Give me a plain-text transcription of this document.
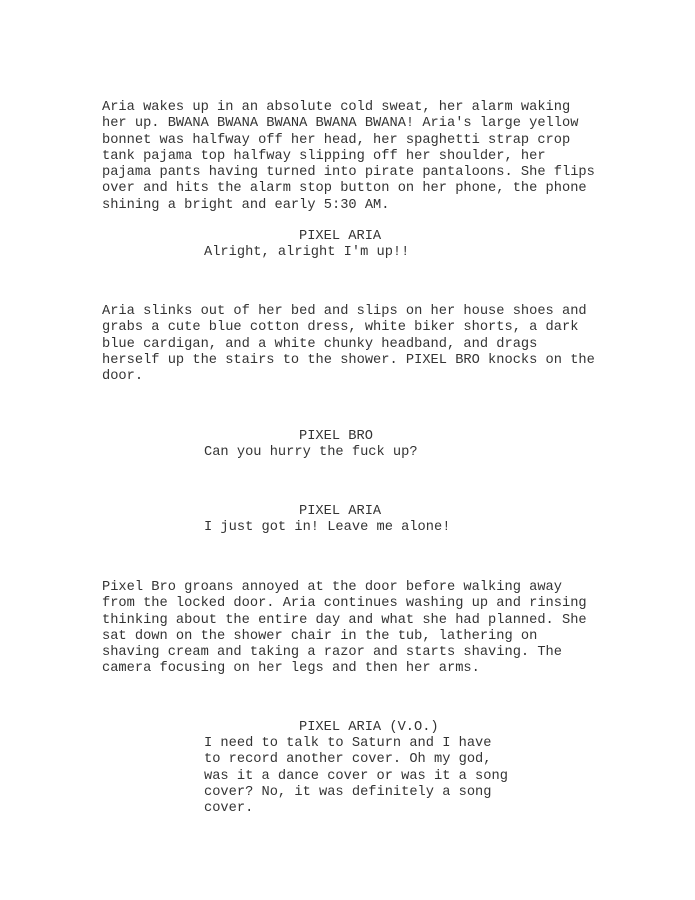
Aria wakes up in an absolute cold sweat, her alarm waking
her up. BWANA BWANA BWANA BWANA BWANA! Aria's large yellow
bonnet was halfway off her head, her spaghetti strap crop
tank pajama top halfway slipping off her shoulder, her
pajama pants having turned into pirate pantaloons. She flips
over and hits the alarm stop button on her phone, the phone
shining a bright and early 5:30 AM.
PIXEL ARIA
Alright, alright I'm up!!
Aria slinks out of her bed and slips on her house shoes and
grabs a cute blue cotton dress, white biker shorts, a dark
blue cardigan, and a white chunky headband, and drags
herself up the stairs to the shower. PIXEL BRO knocks on the
door.
PIXEL BRO
Can you hurry the fuck up?
PIXEL ARIA
I just got in! Leave me alone!
Pixel Bro groans annoyed at the door before walking away
from the locked door. Aria continues washing up and rinsing
thinking about the entire day and what she had planned. She
sat down on the shower chair in the tub, lathering on
shaving cream and taking a razor and starts shaving. The
camera focusing on her legs and then her arms.
PIXEL ARIA (V.O.)
I need to talk to Saturn and I have
to record another cover. Oh my god,
was it a dance cover or was it a song
cover? No, it was definitely a song
cover.
